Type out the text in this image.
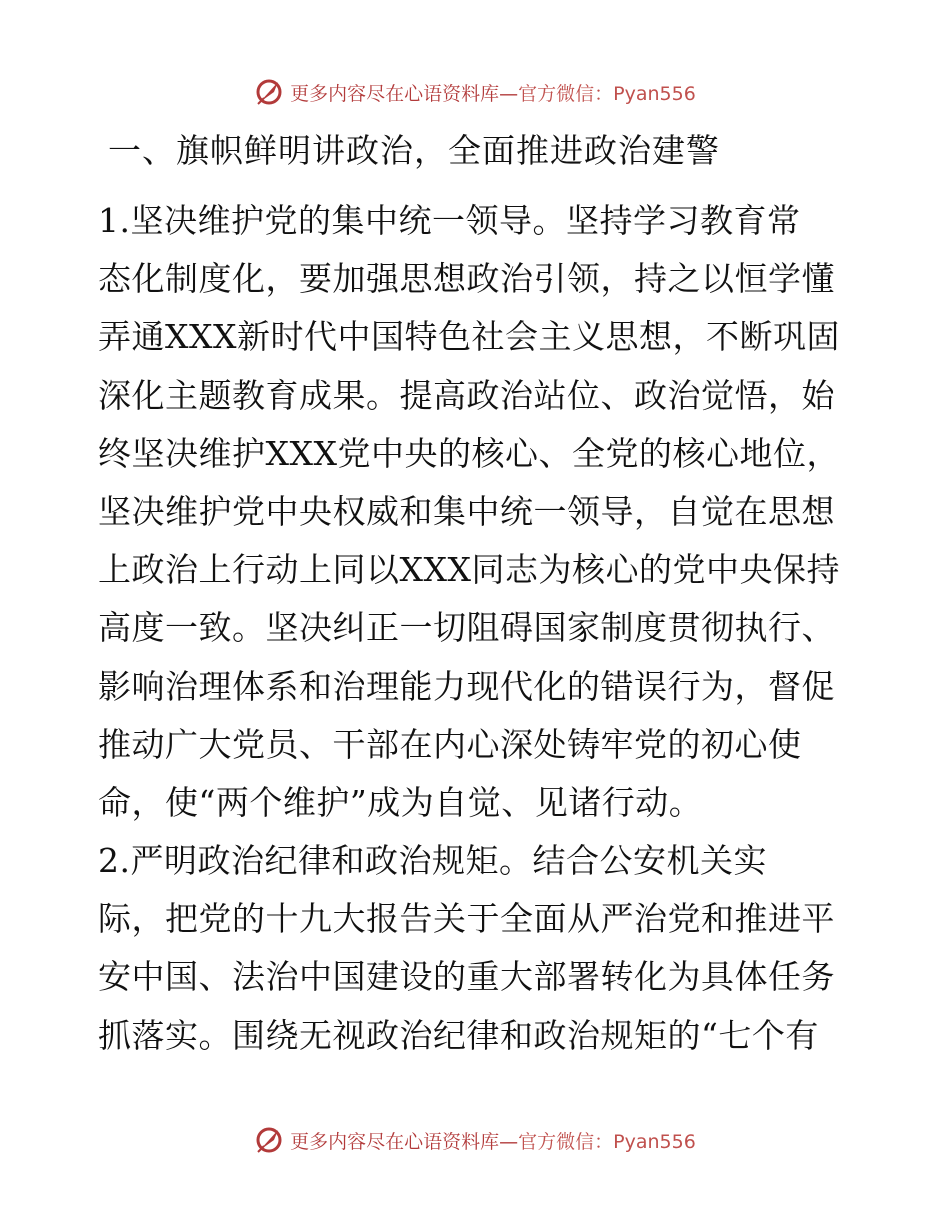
更多内容尽在心语资料库—官方微信：Pyan556
一、旗帜鲜明讲政治，全面推进政治建警
1.坚决维护党的集中统一领导。坚持学习教育常
态化制度化，要加强思想政治引领，持之以恒学懂
弄通XXX新时代中国特色社会主义思想，不断巩固
深化主题教育成果。提高政治站位、政治觉悟，始
终坚决维护XXX党中央的核心、全党的核心地位，
坚决维护党中央权威和集中统一领导，自觉在思想
上政治上行动上同以XXX同志为核心的党中央保持
高度一致。坚决纠正一切阻碍国家制度贯彻执行、
影响治理体系和治理能力现代化的错误行为，督促
推动广大党员、干部在内心深处铸牢党的初心使
命，使“两个维护”成为自觉、见诸行动。
2.严明政治纪律和政治规矩。结合公安机关实
际，把党的十九大报告关于全面从严治党和推进平
安中国、法治中国建设的重大部署转化为具体任务
抓落实。围绕无视政治纪律和政治规矩的“七个有
更多内容尽在心语资料库—官方微信：Pyan556
